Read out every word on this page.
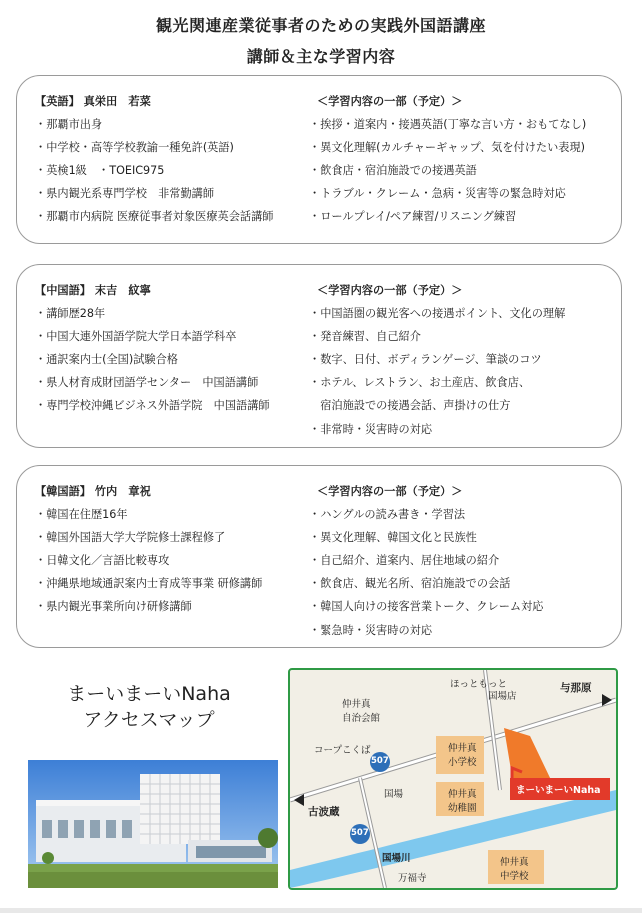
観光関連産業従事者のための実践外国語講座
講師＆主な学習内容
【英語】 真栄田　若菜
・那覇市出身
・中学校・高等学校教諭一種免許(英語)
・英検1級　・TOEIC975
・県内観光系専門学校　非常勤講師
・那覇市内病院 医療従事者対象医療英会話講師
＜学習内容の一部（予定）＞
・挨拶・道案内・接遇英語(丁寧な言い方・おもてなし)
・異文化理解(カルチャーギャップ、気を付けたい表現)
・飲食店・宿泊施設での接遇英語
・トラブル・クレーム・急病・災害等の緊急時対応
・ロールプレイ/ペア練習/リスニング練習
【中国語】 末吉　紋寧
・講師歴28年
・中国大連外国語学院大学日本語学科卒
・通訳案内士(全国)試験合格
・県人材育成財団語学センター　中国語講師
・専門学校沖縄ビジネス外語学院　中国語講師
＜学習内容の一部（予定）＞
・中国語圏の観光客への接遇ポイント、文化の理解
・発音練習、自己紹介
・数字、日付、ボディランゲージ、筆談のコツ
・ホテル、レストラン、お土産店、飲食店、
　宿泊施設での接遇会話、声掛けの仕方
・非常時・災害時の対応
【韓国語】 竹内　章祝
・韓国在住歴16年
・韓国外国語大学大学院修士課程修了
・日韓文化／言語比較専攻
・沖縄県地域通訳案内士育成等事業 研修講師
・県内観光事業所向け研修講師
＜学習内容の一部（予定）＞
・ハングルの読み書き・学習法
・異文化理解、韓国文化と民族性
・自己紹介、道案内、居住地域の紹介
・飲食店、観光名所、宿泊施設での会話
・韓国人向けの接客営業トーク、クレーム対応
・緊急時・災害時の対応
まーいまーいNaha
アクセスマップ
ほっともっと
国場店
与那原
仲井真
自治会館
コープこくば
507
507
仲井真
小学校
仲井真
幼稚園
国場
古波蔵
国場川
万福寺
仲井真
中学校
まーいまーいNaha
